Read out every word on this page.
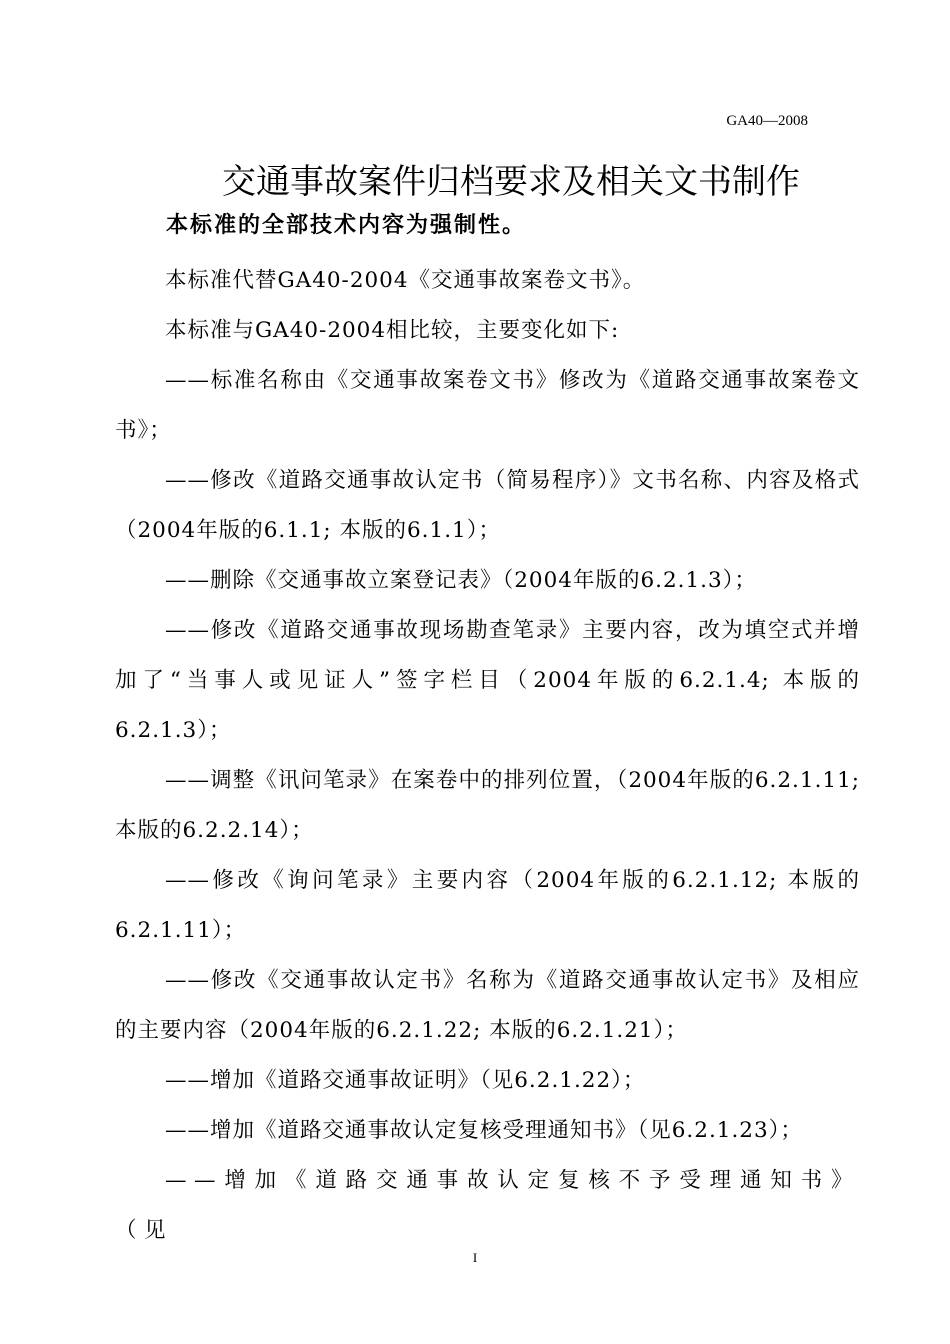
GA40—2008
交通事故案件归档要求及相关文书制作
本标准的全部技术内容为强制性。

本标准代替GA40-2004《交通事故案卷文书》。

本标准与GA40-2004相比较，主要变化如下:

——标准名称由《交通事故案卷文书》修改为《道路交通事故案卷文书》；

——修改《道路交通事故认定书（简易程序）》文书名称、内容及格式（2004年版的6.1.1; 本版的6.1.1）；

——删除《交通事故立案登记表》（2004年版的6.2.1.3）；

——修改《道路交通事故现场勘查笔录》主要内容，改为填空式并增加了“当事人或见证人”签字栏目（2004年版的6.2.1.4; 本版的6.2.1.3）；

——调整《讯问笔录》在案卷中的排列位置，（2004年版的6.2.1.11; 本版的6.2.2.14）；

——修改《询问笔录》主要内容（2004年版的6.2.1.12; 本版的6.2.1.11）；

——修改《交通事故认定书》名称为《道路交通事故认定书》及相应的主要内容（2004年版的6.2.1.22; 本版的6.2.1.21）；

——增加《道路交通事故证明》（见6.2.1.22）；

——增加《道路交通事故认定复核受理通知书》（见6.2.1.23）；

——增加《道路交通事故认定复核不予受理通知书》（见

I
